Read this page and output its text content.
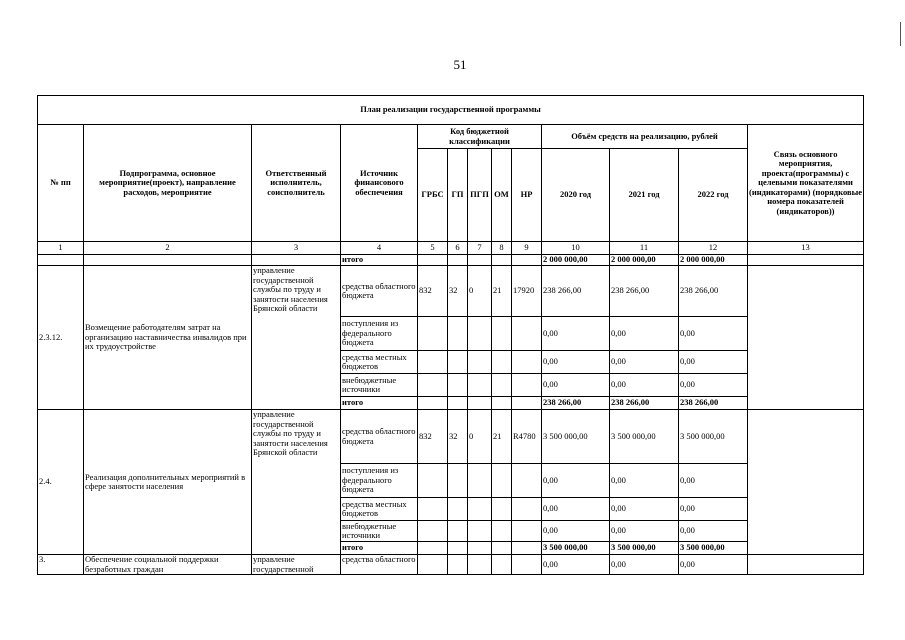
51
План реализации государственной программы												
№ пп	Подпрограмма, основное мероприятие(проект), направление расходов, мероприятие	Ответственный исполнитель, соисполнитель	Источник финансового обеспечения	Код бюджетной классификации					Объём средств на реализацию, рублей			Связь основного мероприятия, проекта(программы) с целевыми показателями (индикаторами) (порядковые номера показателей (индикаторов))
				ГРБС	ГП	ПГП	ОМ	НР	2020 год	2021 год	2022 год	
1	2	3	4	5	6	7	8	9	10	11	12	13
			итого						2 000 000,00	2 000 000,00	2 000 000,00	
2.3.12.	Возмещение работодателям затрат на организацию наставничества инвалидов при их трудоустройстве	управление государственной службы по труду и занятости населения Брянской области	средства областного бюджета	832	32	0	21	17920	238 266,00	238 266,00	238 266,00	
			поступления из федерального бюджета						0,00	0,00	0,00	
			средства местных бюджетов						0,00	0,00	0,00	
			внебюджетные источники						0,00	0,00	0,00	
			итого						238 266,00	238 266,00	238 266,00	
2.4.	Реализация дополнительных мероприятий в сфере занятости населения	управление государственной службы по труду и занятости населения Брянской области	средства областного бюджета	832	32	0	21	R4780	3 500 000,00	3 500 000,00	3 500 000,00	
			поступления из федерального бюджета						0,00	0,00	0,00	
			средства местных бюджетов						0,00	0,00	0,00	
			внебюджетные источники						0,00	0,00	0,00	
			итого						3 500 000,00	3 500 000,00	3 500 000,00	
3.	Обеспечение социальной поддержки безработных граждан	управление государственной	средства областного						0,00	0,00	0,00	
